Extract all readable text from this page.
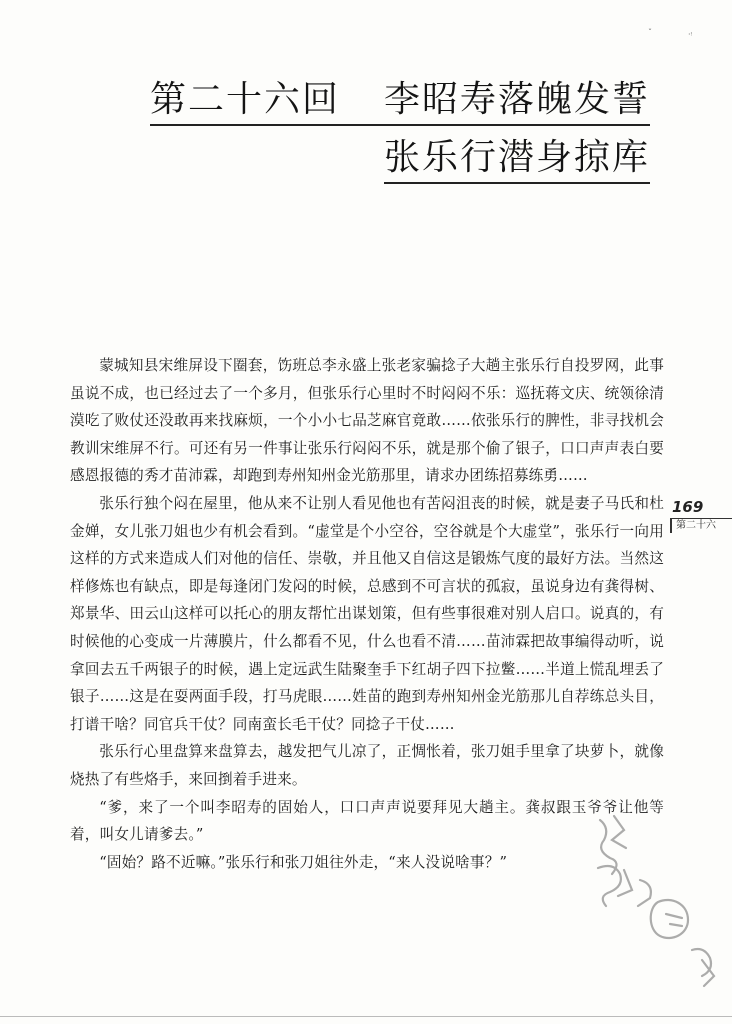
ˇ	·ᵎ
第二十六回 李昭寿落魄发誓
张乐行潜身掠库

蒙城知县宋维屏设下圈套，饬班总李永盛上张老家骗捻子大趟主张乐行自投罗网，此事虽说不成，也已经过去了一个多月，但张乐行心里时不时闷闷不乐：巡抚蒋文庆、统领徐清漠吃了败仗还没敢再来找麻烦，一个小小七品芝麻官竟敢……依张乐行的脾性，非寻找机会教训宋维屏不行。可还有另一件事让张乐行闷闷不乐，就是那个偷了银子，口口声声表白要感恩报德的秀才苗沛霖，却跑到寿州知州金光筋那里，请求办团练招募练勇……

张乐行独个闷在屋里，他从来不让别人看见他也有苦闷沮丧的时候，就是妻子马氏和杜金婵，女儿张刀姐也少有机会看到。“虚堂是个小空谷，空谷就是个大虚堂”，张乐行一向用这样的方式来造成人们对他的信任、崇敬，并且他又自信这是锻炼气度的最好方法。当然这样修炼也有缺点，即是每逢闭门发闷的时候，总感到不可言状的孤寂，虽说身边有龚得树、郑景华、田云山这样可以托心的朋友帮忙出谋划策，但有些事很难对别人启口。说真的，有时候他的心变成一片薄膜片，什么都看不见，什么也看不清……苗沛霖把故事编得动听，说拿回去五千两银子的时候，遇上定远武生陆聚奎手下红胡子四下拉鳖……半道上慌乱埋丢了银子……这是在耍两面手段，打马虎眼……姓苗的跑到寿州知州金光筋那儿自荐练总头目，打谱干啥？同官兵干仗？同南蛮长毛干仗？同捻子干仗……

张乐行心里盘算来盘算去，越发把气儿凉了，正惆怅着，张刀姐手里拿了块萝卜，就像烧热了有些烙手，来回捯着手进来。

“爹，来了一个叫李昭寿的固始人，口口声声说要拜见大趟主。龚叔跟玉爷爷让他等着，叫女儿请爹去。”

“固始？路不近嘛。”张乐行和张刀姐往外走，“来人没说啥事？”

169
第二十六
